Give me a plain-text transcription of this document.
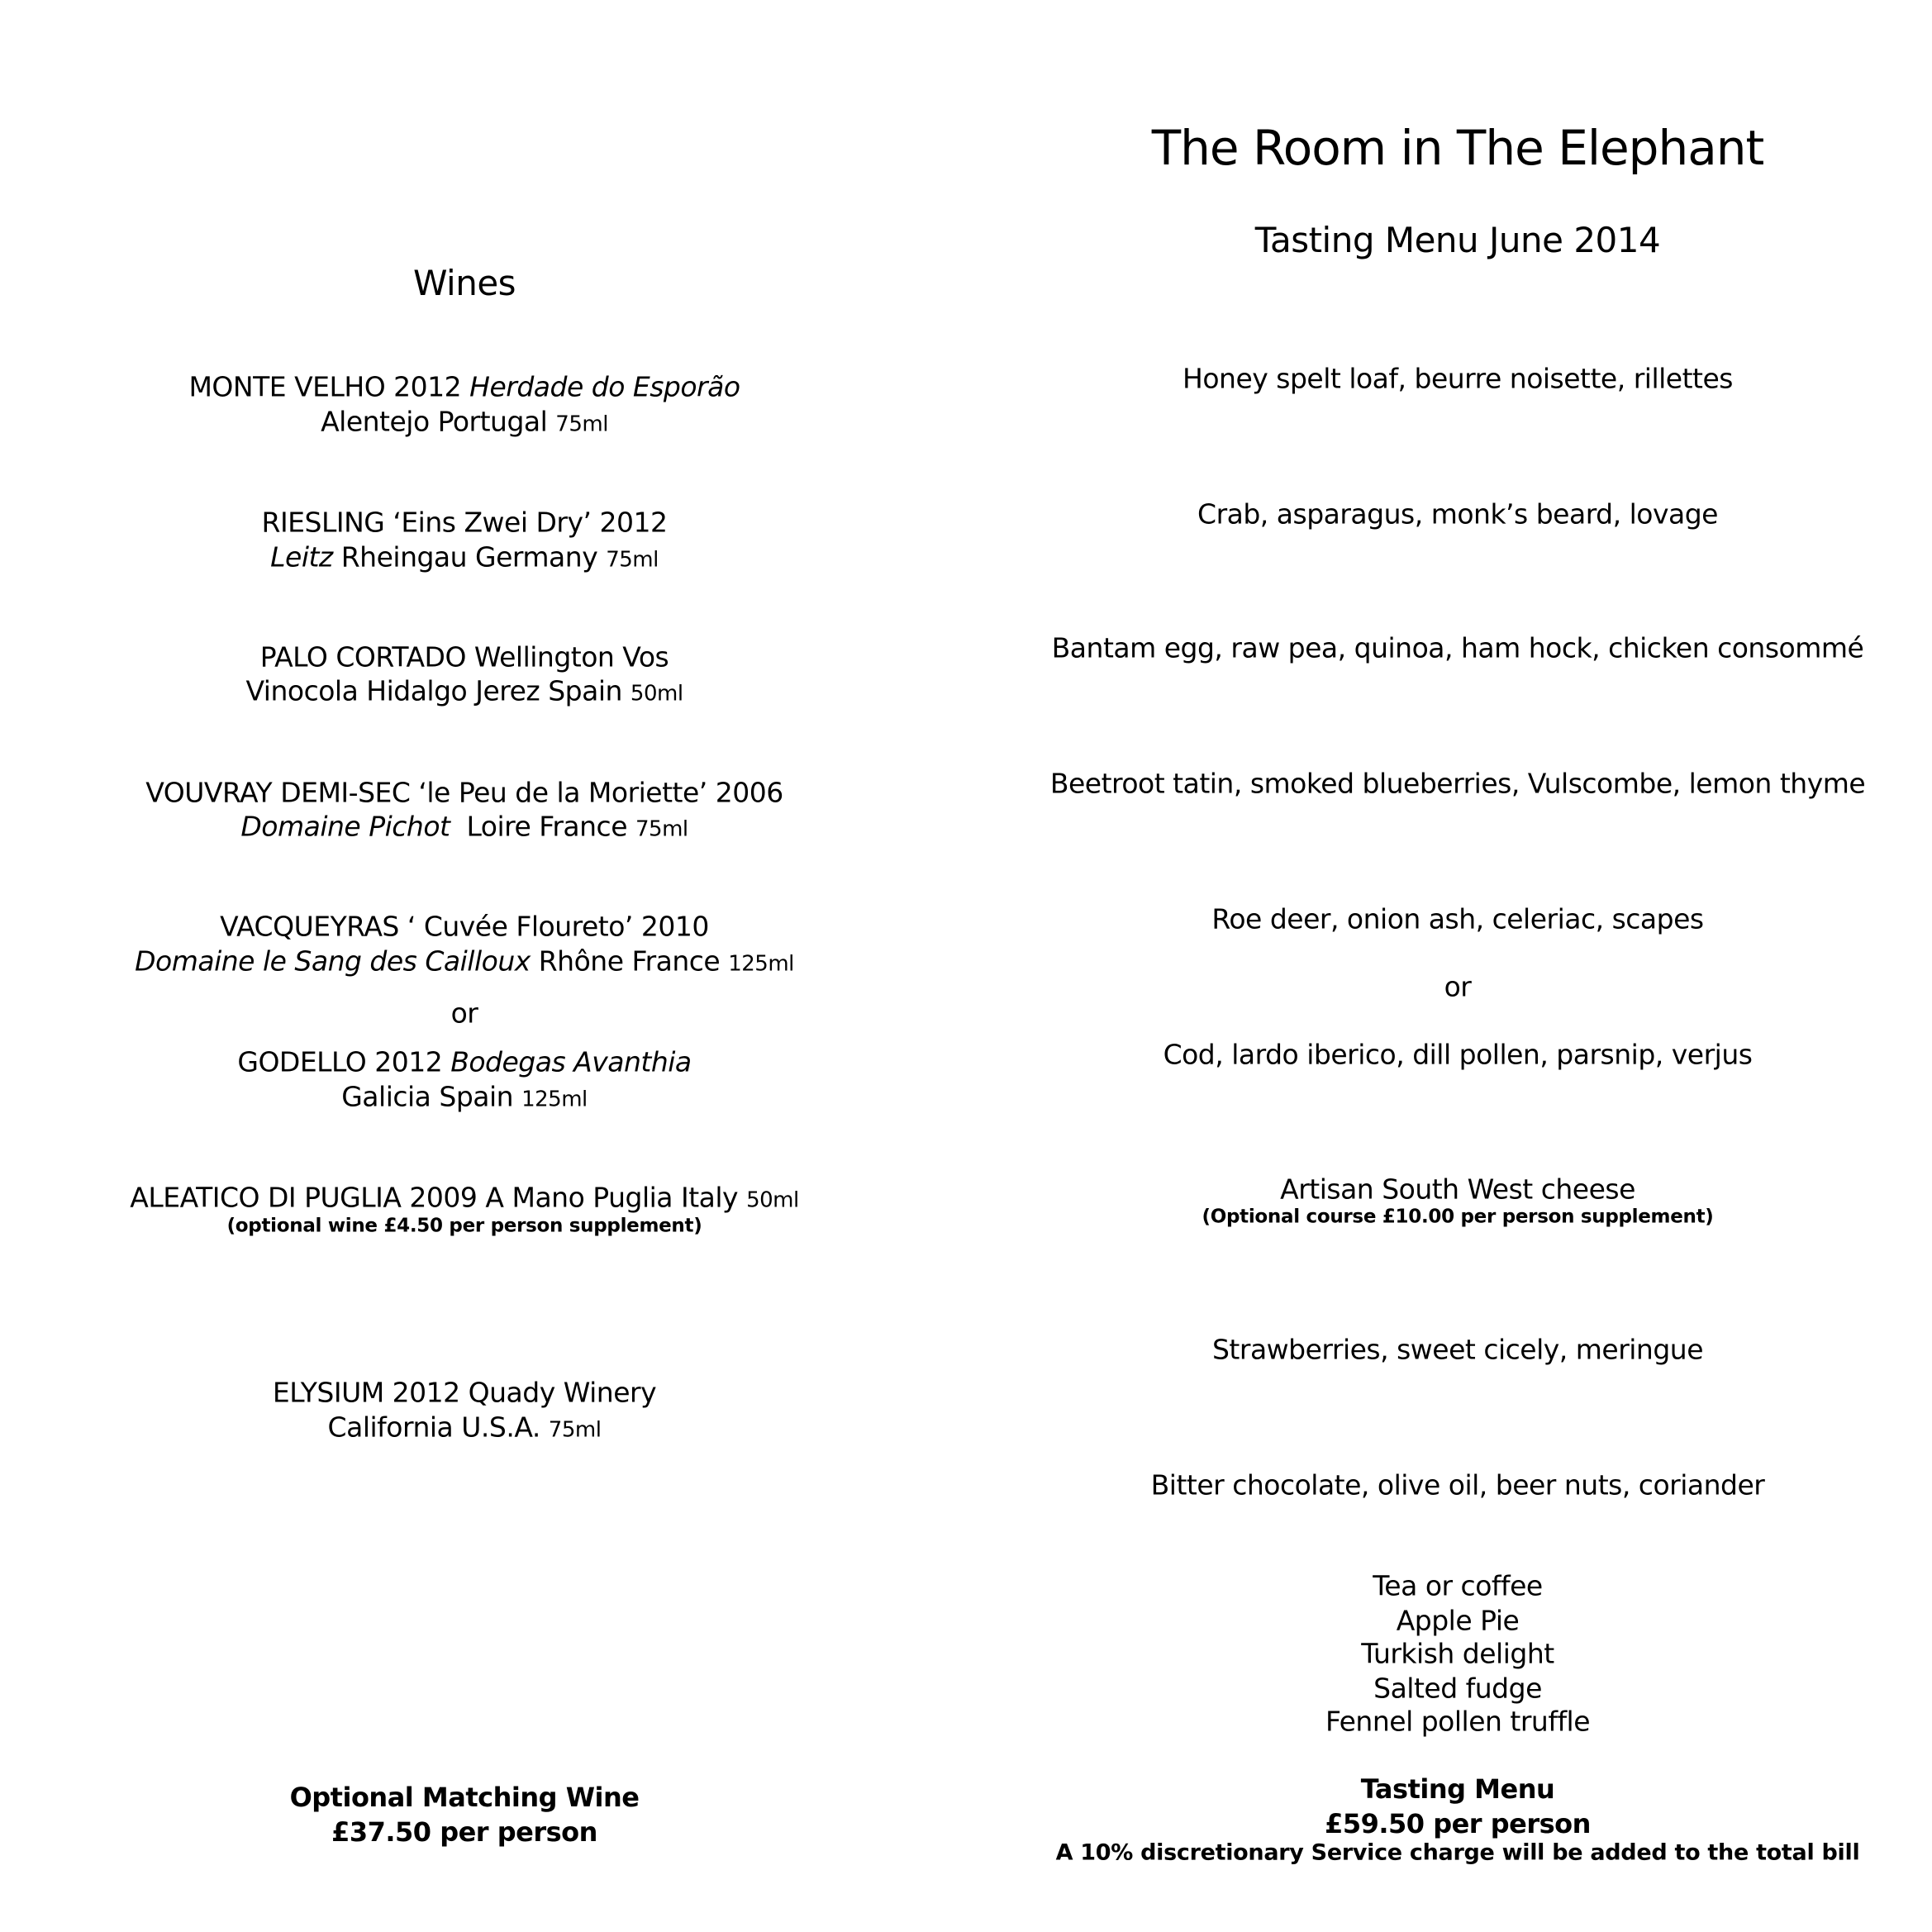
The Room in The Elephant
Tasting Menu June 2014
Wines
MONTE VELHO 2012 Herdade do Esporão
Alentejo Portugal 75ml
RIESLING ‘Eins Zwei Dry’ 2012
Leitz Rheingau Germany 75ml
PALO CORTADO Wellington Vos
Vinocola Hidalgo Jerez Spain 50ml
VOUVRAY DEMI-SEC ‘le Peu de la Moriette’ 2006
Domaine Pichot  Loire France 75ml
VACQUEYRAS ‘ Cuvée Floureto’ 2010
Domaine le Sang des Cailloux Rhône France 125ml
or
GODELLO 2012 Bodegas Avanthia
Galicia Spain 125ml
ALEATICO DI PUGLIA 2009 A Mano Puglia Italy 50ml
(optional wine £4.50 per person supplement)
ELYSIUM 2012 Quady Winery
California U.S.A. 75ml
Optional Matching Wine
£37.50 per person
Honey spelt loaf, beurre noisette, rillettes
Crab, asparagus, monk’s beard, lovage
Bantam egg, raw pea, quinoa, ham hock, chicken consommé
Beetroot tatin, smoked blueberries, Vulscombe, lemon thyme
Roe deer, onion ash, celeriac, scapes
or
Cod, lardo iberico, dill pollen, parsnip, verjus
Artisan South West cheese
(Optional course £10.00 per person supplement)
Strawberries, sweet cicely, meringue
Bitter chocolate, olive oil, beer nuts, coriander
Tea or coffee
Apple Pie
Turkish delight
Salted fudge
Fennel pollen truffle
Tasting Menu
£59.50 per person
A 10% discretionary Service charge will be added to the total bill
